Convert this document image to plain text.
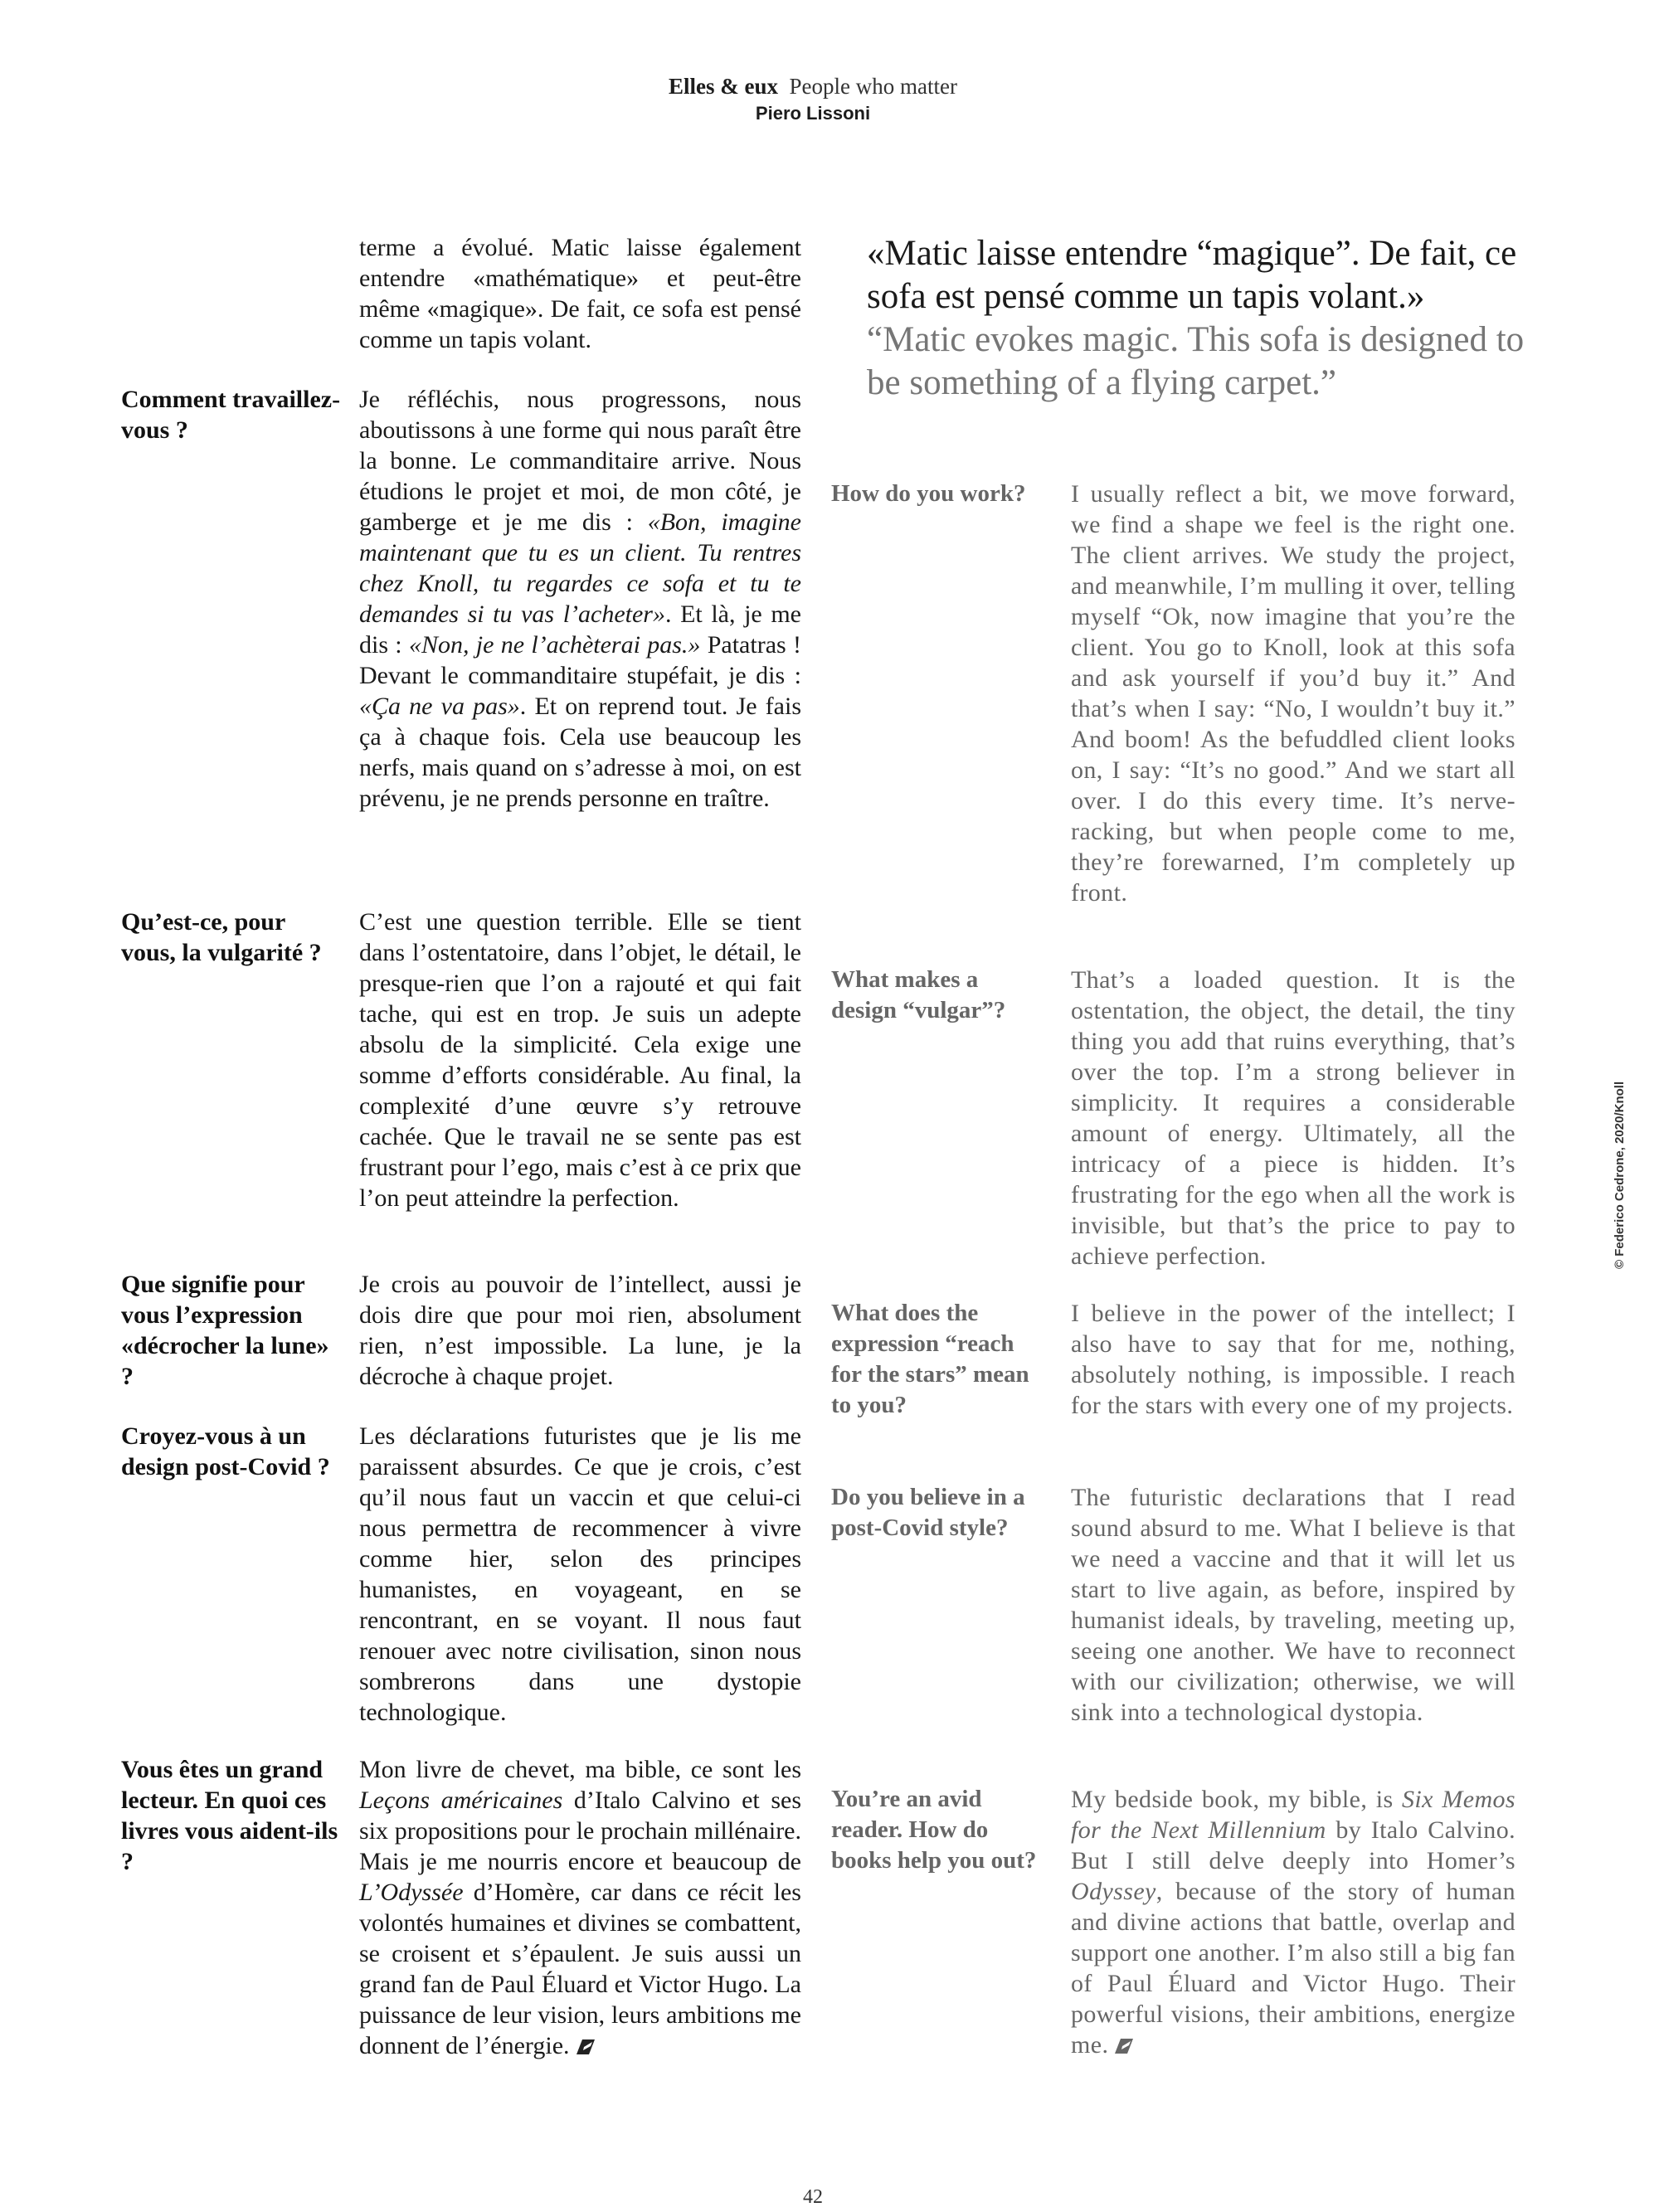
Elles & eux People who matter
Piero Lissoni
«Matic laisse entendre “magique”. De fait, ce sofa est pensé comme un tapis volant.»
“Matic evokes magic. This sofa is designed to be something of a flying carpet.”
terme a évolué. Matic laisse également entendre «mathématique» et peut-être même «magique». De fait, ce sofa est pensé comme un tapis volant.
Comment travaillez-vous ?
Je réfléchis, nous progressons, nous aboutissons à une forme qui nous paraît être la bonne. Le commanditaire arrive. Nous étudions le projet et moi, de mon côté, je gamberge et je me dis : «Bon, imagine maintenant que tu es un client. Tu rentres chez Knoll, tu regardes ce sofa et tu te demandes si tu vas l’acheter». Et là, je me dis : «Non, je ne l’achèterai pas.» Patatras ! Devant le commanditaire stupéfait, je dis : «Ça ne va pas». Et on reprend tout. Je fais ça à chaque fois. Cela use beaucoup les nerfs, mais quand on s’adresse à moi, on est prévenu, je ne prends personne en traître.
Qu’est-ce, pour vous, la vulgarité ?
C’est une question terrible. Elle se tient dans l’ostentatoire, dans l’objet, le détail, le presque-rien que l’on a rajouté et qui fait tache, qui est en trop. Je suis un adepte absolu de la simplicité. Cela exige une somme d’efforts considérable. Au final, la complexité d’une œuvre s’y retrouve cachée. Que le travail ne se sente pas est frustrant pour l’ego, mais c’est à ce prix que l’on peut atteindre la perfection.
Que signifie pour vous l’expression «décrocher la lune» ?
Je crois au pouvoir de l’intellect, aussi je dois dire que pour moi rien, absolument rien, n’est impossible. La lune, je la décroche à chaque projet.
Croyez-vous à un design post-Covid ?
Les déclarations futuristes que je lis me paraissent absurdes. Ce que je crois, c’est qu’il nous faut un vaccin et que celui-ci nous permettra de recommencer à vivre comme hier, selon des principes humanistes, en voyageant, en se rencontrant, en se voyant. Il nous faut renouer avec notre civilisation, sinon nous sombrerons dans une dystopie technologique.
Vous êtes un grand lecteur. En quoi ces livres vous aident-ils ?
Mon livre de chevet, ma bible, ce sont les Leçons américaines d’Italo Calvino et ses six propositions pour le prochain millénaire. Mais je me nourris encore et beaucoup de L’Odyssée d’Homère, car dans ce récit les volontés humaines et divines se combattent, se croisent et s’épaulent. Je suis aussi un grand fan de Paul Éluard et Victor Hugo. La puissance de leur vision, leurs ambitions me donnent de l’énergie.
How do you work?	I usually reflect a bit, we move forward, we find a shape we feel is the right one. The client arrives. We study the project, and meanwhile, I’m mulling it over, telling myself “Ok, now imagine that you’re the client. You go to Knoll, look at this sofa and ask yourself if you’d buy it.” And that’s when I say: “No, I wouldn’t buy it.” And boom! As the befuddled client looks on, I say: “It’s no good.” And we start all over. I do this every time. It’s nerve-racking, but when people come to me, they’re forewarned, I’m completely up front.
What makes a design “vulgar”?
That’s a loaded question. It is the ostentation, the object, the detail, the tiny thing you add that ruins everything, that’s over the top. I’m a strong believer in simplicity. It requires a considerable amount of energy. Ultimately, all the intricacy of a piece is hidden. It’s frustrating for the ego when all the work is invisible, but that’s the price to pay to achieve perfection.
What does the expression “reach for the stars” mean to you?
I believe in the power of the intellect; I also have to say that for me, nothing, absolutely nothing, is impossible. I reach for the stars with every one of my projects.
Do you believe in a post-Covid style?
The futuristic declarations that I read sound absurd to me. What I believe is that we need a vaccine and that it will let us start to live again, as before, inspired by humanist ideals, by traveling, meeting up, seeing one another. We have to reconnect with our civilization; otherwise, we will sink into a technological dystopia.
You’re an avid reader. How do books help you out?
My bedside book, my bible, is Six Memos for the Next Millennium by Italo Calvino. But I still delve deeply into Homer’s Odyssey, because of the story of human and divine actions that battle, overlap and support one another. I’m also still a big fan of Paul Éluard and Victor Hugo. Their powerful visions, their ambitions, energize me.
© Federico Cedrone, 2020/Knoll
42
